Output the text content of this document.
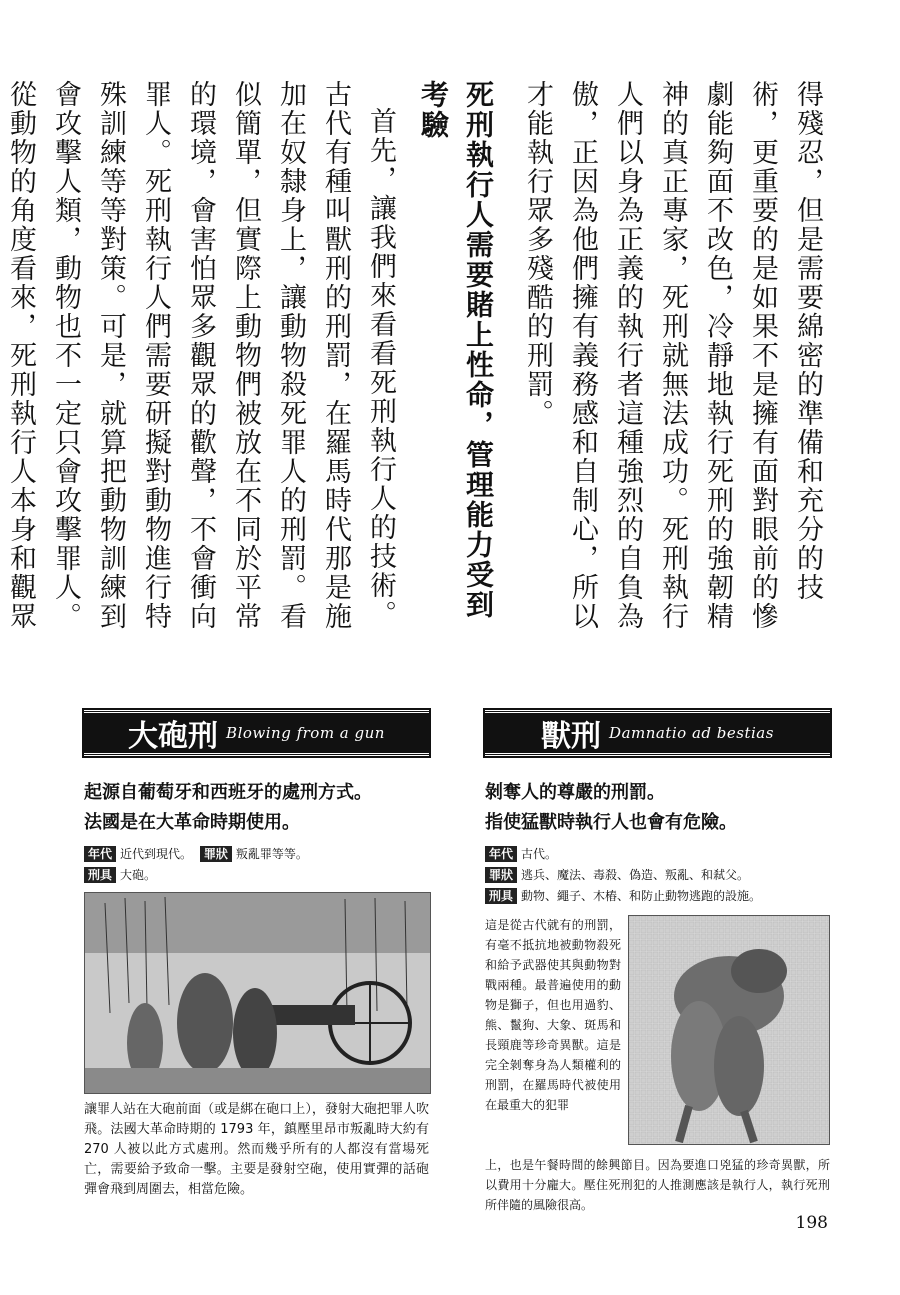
得殘忍，但是需要綿密的準備和充分的技術，更重要的是如果不是擁有面對眼前的慘劇能夠面不改色，冷靜地執行死刑的強韌精神的真正專家，死刑就無法成功。死刑執行人們以身為正義的執行者這種強烈的自負為傲，正因為他們擁有義務感和自制心，所以才能執行眾多殘酷的刑罰。

死刑執行人需要賭上性命，管理能力受到考驗

首先，讓我們來看看死刑執行人的技術。古代有種叫獸刑的刑罰，在羅馬時代那是施加在奴隸身上，讓動物殺死罪人的刑罰。看似簡單，但實際上動物們被放在不同於平常的環境，會害怕眾多觀眾的歡聲，不會衝向罪人。死刑執行人們需要研擬對動物進行特殊訓練等等對策。可是，就算把動物訓練到會攻擊人類，動物也不一定只會攻擊罪人。從動物的角度看來，死刑執行人本身和觀眾

大砲刑 Blowing from a gun
起源自葡萄牙和西班牙的處刑方式。
法國是在大革命時期使用。
年代 近代到現代。 罪狀 叛亂罪等等。
刑具 大砲。
讓罪人站在大砲前面（或是綁在砲口上），發射大砲把罪人吹飛。法國大革命時期的 1793 年，鎮壓里昂市叛亂時大約有 270 人被以此方式處刑。然而幾乎所有的人都沒有當場死亡，需要給予致命一擊。主要是發射空砲，使用實彈的話砲彈會飛到周圍去，相當危險。
獸刑 Damnatio ad bestias
剝奪人的尊嚴的刑罰。
指使猛獸時執行人也會有危險。
年代 古代。
罪狀 逃兵、魔法、毒殺、偽造、叛亂、和弒父。
刑具 動物、繩子、木樁、和防止動物逃跑的設施。
這是從古代就有的刑罰，有毫不抵抗地被動物殺死和給予武器使其與動物對戰兩種。最普遍使用的動物是獅子，但也用過豹、熊、鬣狗、大象、斑馬和長頸鹿等珍奇異獸。這是完全剝奪身為人類權利的刑罰，在羅馬時代被使用在最重大的犯罪
上，也是午餐時間的餘興節目。因為要進口兇猛的珍奇異獸，所以費用十分龐大。壓住死刑犯的人推測應該是執行人，執行死刑所伴隨的風險很高。
198
